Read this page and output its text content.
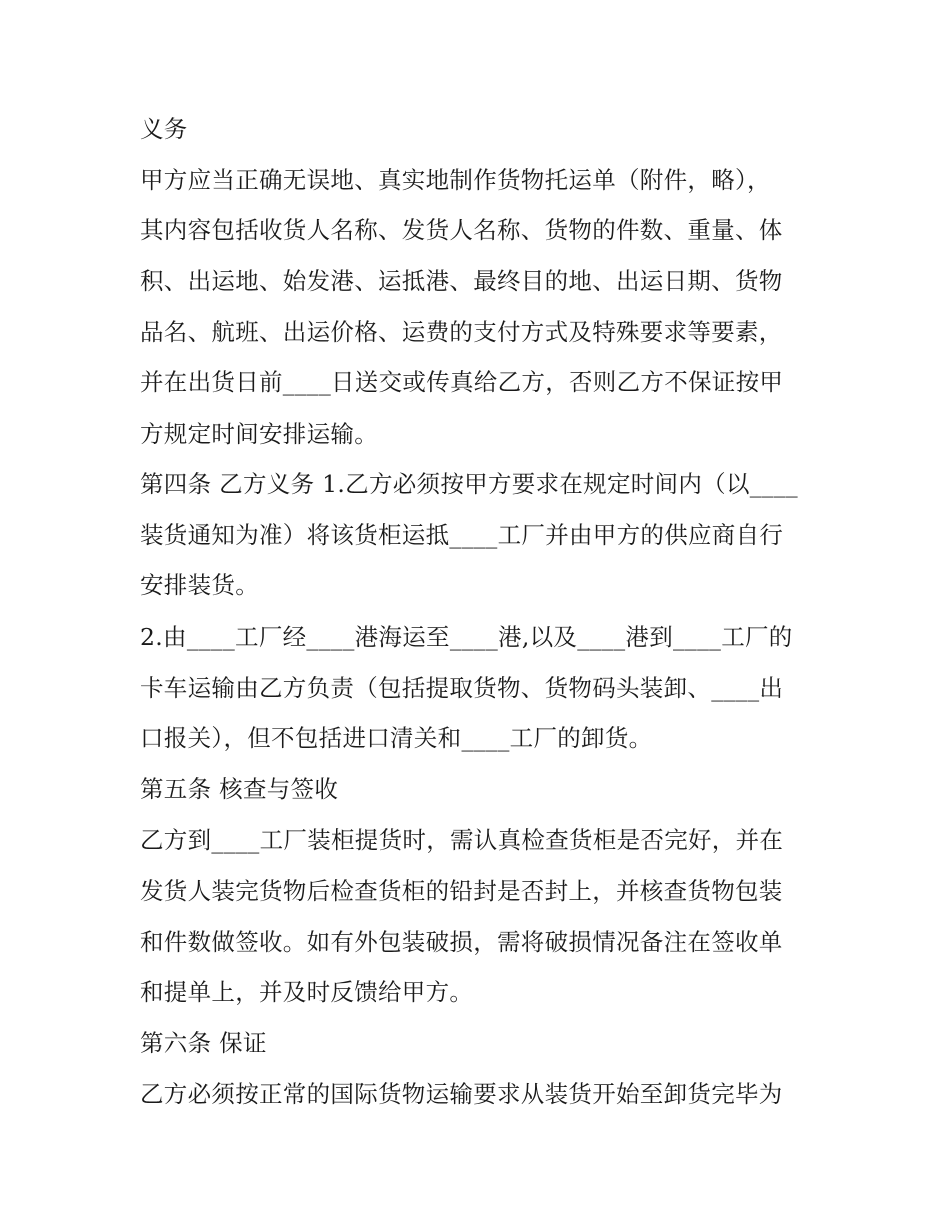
义务
甲方应当正确无误地、真实地制作货物托运单（附件，略），
其内容包括收货人名称、发货人名称、货物的件数、重量、体
积、出运地、始发港、运抵港、最终目的地、出运日期、货物
品名、航班、出运价格、运费的支付方式及特殊要求等要素，
并在出货日前____日送交或传真给乙方，否则乙方不保证按甲
方规定时间安排运输。
第四条 乙方义务 1.乙方必须按甲方要求在规定时间内（以____
装货通知为准）将该货柜运抵____工厂并由甲方的供应商自行
安排装货。
2.由____工厂经____港海运至____港,以及____港到____工厂的
卡车运输由乙方负责（包括提取货物、货物码头装卸、____出
口报关），但不包括进口清关和____工厂的卸货。
第五条 核查与签收
乙方到____工厂装柜提货时，需认真检查货柜是否完好，并在
发货人装完货物后检查货柜的铅封是否封上，并核查货物包装
和件数做签收。如有外包装破损，需将破损情况备注在签收单
和提单上，并及时反馈给甲方。
第六条 保证
乙方必须按正常的国际货物运输要求从装货开始至卸货完毕为
